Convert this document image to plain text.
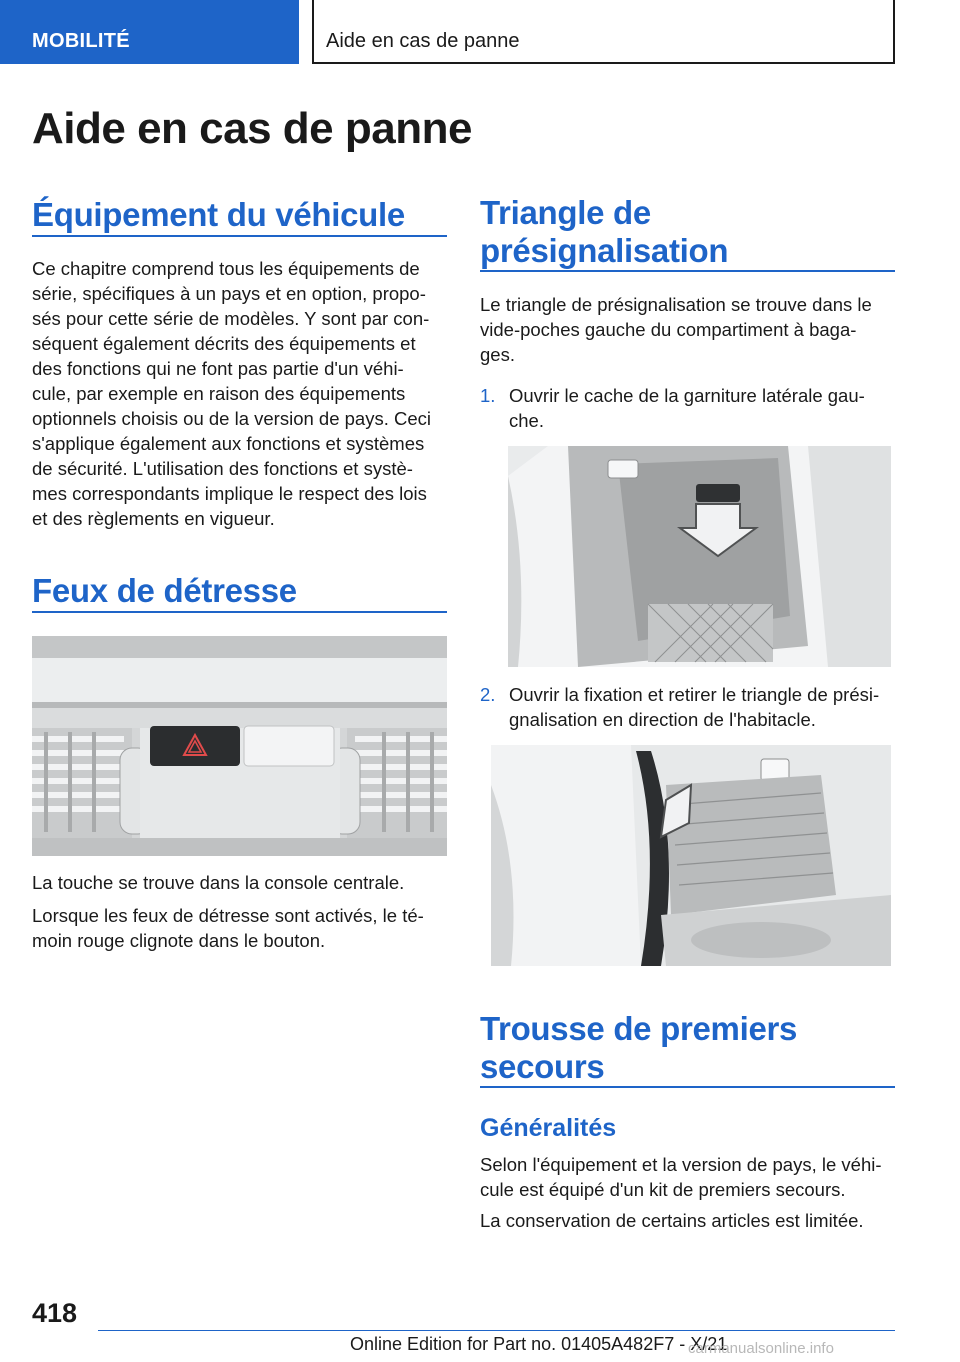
MOBILITÉ	Aide en cas de panne
Aide en cas de panne
Équipement du véhicule
Ce chapitre comprend tous les équipements de
série, spécifiques à un pays et en option, propo-
sés pour cette série de modèles. Y sont par con-
séquent également décrits des équipements et
des fonctions qui ne font pas partie d'un véhi-
cule, par exemple en raison des équipements
optionnels choisis ou de la version de pays. Ceci
s'applique également aux fonctions et systèmes
de sécurité. L'utilisation des fonctions et systè-
mes correspondants implique le respect des lois
et des règlements en vigueur.
Feux de détresse
La touche se trouve dans la console centrale.
Lorsque les feux de détresse sont activés, le té-
moin rouge clignote dans le bouton.
Triangle de
présignalisation
Le triangle de présignalisation se trouve dans le
vide-poches gauche du compartiment à baga-
ges.
1. Ouvrir le cache de la garniture latérale gau-
che.
2. Ouvrir la fixation et retirer le triangle de prési-
gnalisation en direction de l'habitacle.
Trousse de premiers
secours
Généralités
Selon l'équipement et la version de pays, le véhi-
cule est équipé d'un kit de premiers secours.
La conservation de certains articles est limitée.
418
Online Edition for Part no. 01405A482F7 - X/21
carmanualsonline.info
